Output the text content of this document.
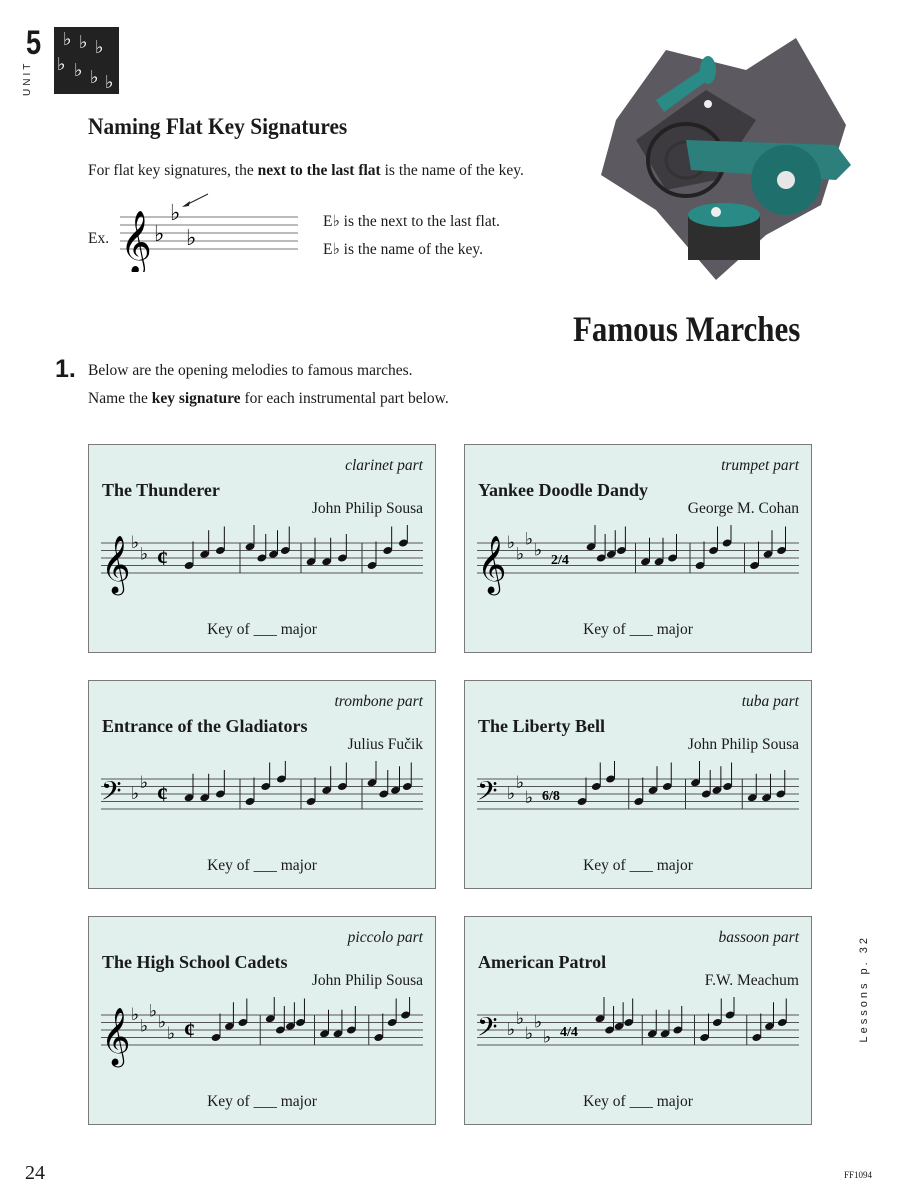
5
UNIT
♭ ♭ ♭
♭ ♭ ♭ ♭
Naming Flat Key Signatures
For flat key signatures, the next to the last flat is the name of the key.
Ex. 𝄞 ♭
♭
♭
E♭ is the next to the last flat.
E♭ is the name of the key.
Famous Marches
1. Below are the opening melodies to famous marches.
Name the key signature for each instrumental part below.
clarinet part
The Thunderer
John Philip Sousa
𝄞 ♭
♭ ¢
Key of ___ major
trumpet part
Yankee Doodle Dandy
George M. Cohan
𝄞 ♭
♭
♭
♭ 2/4
Key of ___ major
trombone part
Entrance of the Gladiators
Julius Fučik
𝄢 ♭
♭ ¢
Key of ___ major
tuba part
The Liberty Bell
John Philip Sousa
𝄢 ♭
♭
♭ 6/8
Key of ___ major
piccolo part
The High School Cadets
John Philip Sousa
𝄞 ♭
♭
♭
♭
♭ ¢
Key of ___ major
bassoon part
American Patrol
F.W. Meachum
𝄢 ♭
♭
♭
♭
♭ 4/4
Key of ___ major
Lessons p. 32
24	FF1094
